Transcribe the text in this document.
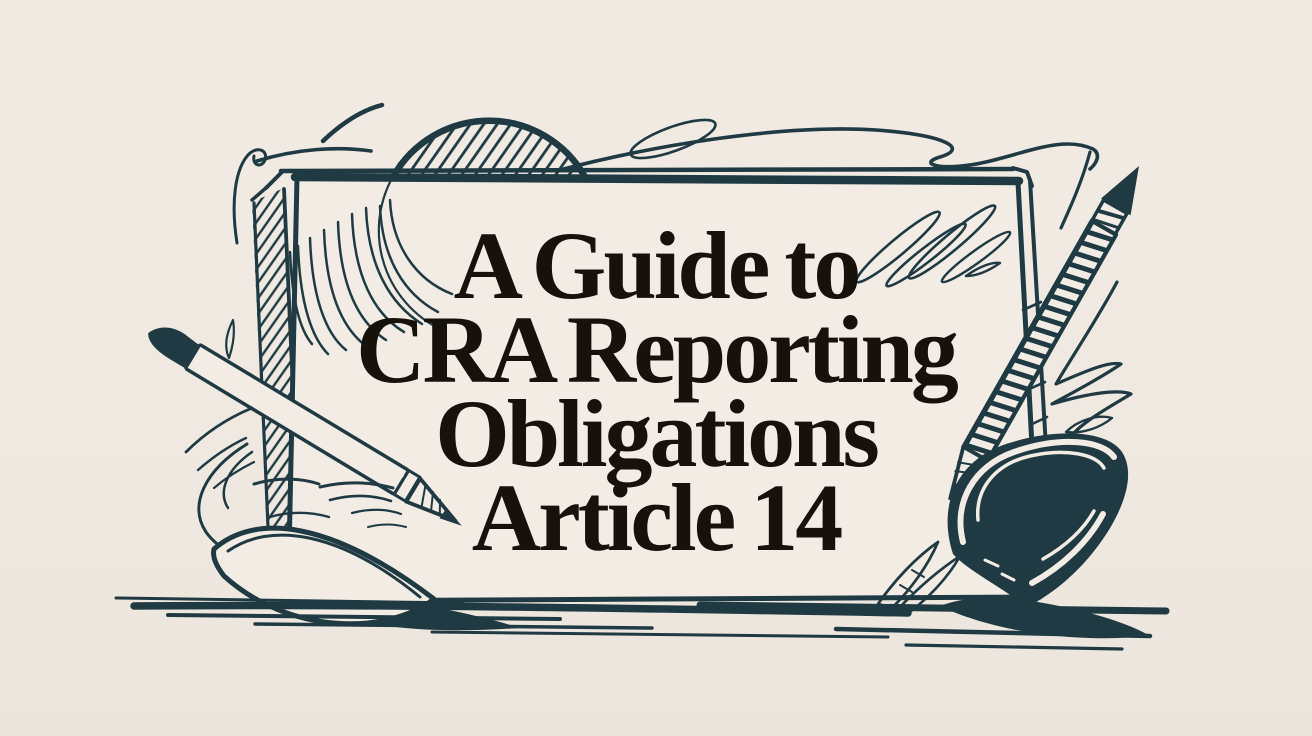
A Guide to
CRA Reporting
Obligations
Article 14
